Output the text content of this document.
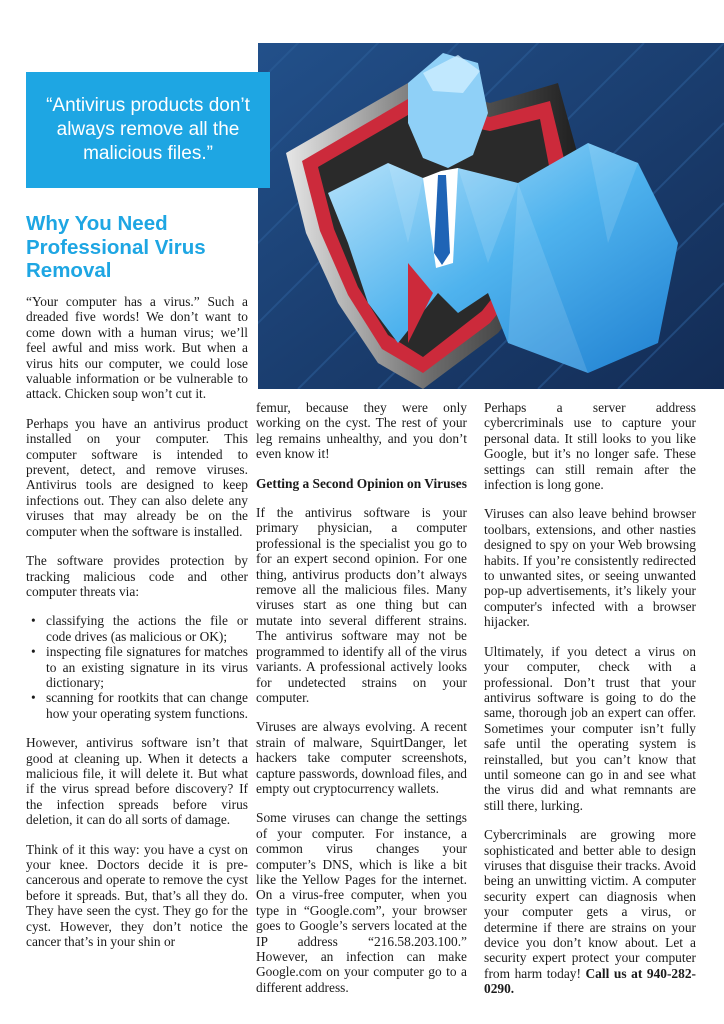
“Antivirus products don’t always remove all the malicious files.”
Why You Need Professional Virus Removal

“Your computer has a virus.” Such a dreaded five words! We don’t want to come down with a human virus; we’ll feel awful and miss work. But when a virus hits our computer, we could lose valuable information or be vulnerable to attack. Chicken soup won’t cut it.

Perhaps you have an antivirus product installed on your computer. This computer software is intended to prevent, detect, and remove viruses. Antivirus tools are designed to keep infections out. They can also delete any viruses that may already be on the computer when the software is installed.

The software provides protection by tracking malicious code and other computer threats via:

• classifying the actions the file or code drives (as malicious or OK);
• inspecting file signatures for matches to an existing signature in its virus dictionary;
• scanning for rootkits that can change how your operating system functions.

However, antivirus software isn’t that good at cleaning up. When it detects a malicious file, it will delete it. But what if the virus spread before discovery? If the infection spreads before virus deletion, it can do all sorts of damage.

Think of it this way: you have a cyst on your knee. Doctors decide it is pre-cancerous and operate to remove the cyst before it spreads. But, that’s all they do. They have seen the cyst. They go for the cyst. However, they don’t notice the cancer that’s in your shin or

femur, because they were only working on the cyst. The rest of your leg remains unhealthy, and you don’t even know it!

Getting a Second Opinion on Viruses

If the antivirus software is your primary physician, a computer professional is the specialist you go to for an expert second opinion. For one thing, antivirus products don’t always remove all the malicious files. Many viruses start as one thing but can mutate into several different strains. The antivirus software may not be programmed to identify all of the virus variants. A professional actively looks for undetected strains on your computer.

Viruses are always evolving. A recent strain of malware, SquirtDanger, let hackers take computer screenshots, capture passwords, download files, and empty out cryptocurrency wallets.

Some viruses can change the settings of your computer. For instance, a common virus changes your computer’s DNS, which is like a bit like the Yellow Pages for the internet. On a virus-free computer, when you type in “Google.com”, your browser goes to Google’s servers located at the IP address “216.58.203.100.” However, an infection can make Google.com on your computer go to a different address.

Perhaps a server address cybercriminals use to capture your personal data. It still looks to you like Google, but it’s no longer safe. These settings can still remain after the infection is long gone.

Viruses can also leave behind browser toolbars, extensions, and other nasties designed to spy on your Web browsing habits. If you’re consistently redirected to unwanted sites, or seeing unwanted pop-up advertisements, it’s likely your computer's infected with a browser hijacker.

Ultimately, if you detect a virus on your computer, check with a professional. Don’t trust that your antivirus software is going to do the same, thorough job an expert can offer. Sometimes your computer isn’t fully safe until the operating system is reinstalled, but you can’t know that until someone can go in and see what the virus did and what remnants are still there, lurking.

Cybercriminals are growing more sophisticated and better able to design viruses that disguise their tracks. Avoid being an unwitting victim. A computer security expert can diagnosis when your computer gets a virus, or determine if there are strains on your device you don’t know about. Let a security expert protect your computer from harm today! Call us at 940-282-0290.
